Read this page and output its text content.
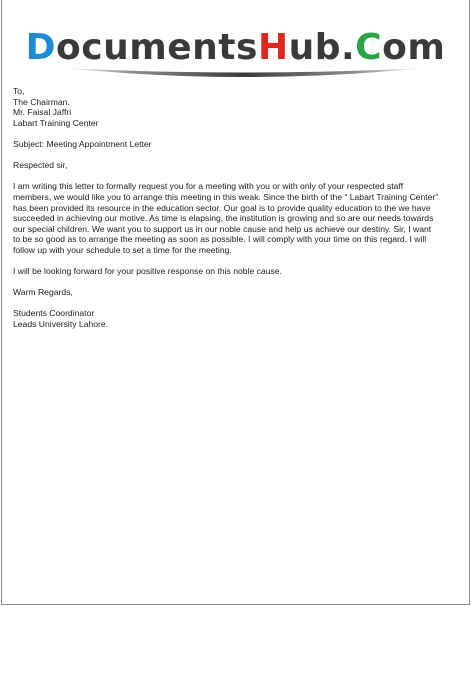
DocumentsHub.Com
To,
The Chairman.
Mr. Faisal Jaffri
Labart Training Center
Subject: Meeting Appointment Letter
Respected sir,
I am writing this letter to formally request you for a meeting with you or with only of your respected staff
members, we would like you to arrange this meeting in this weak. Since the birth of the “ Labart Training Center”
has been provided its resource in the education sector. Our goal is to provide quality education to the we have
succeeded in achieving our motive. As time is elapsing, the institution is growing and so are our needs towards
our special children. We want you to support us in our noble cause and help us achieve our destiny. Sir, I want
to be so good as to arrange the meeting as soon as possible. I will comply with your time on this regard. I will
follow up with your schedule to set a time for the meeting.
I will be looking forward for your positive response on this noble cause.
Warm Regards,
Students Coordinator
Leads University Lahore.
